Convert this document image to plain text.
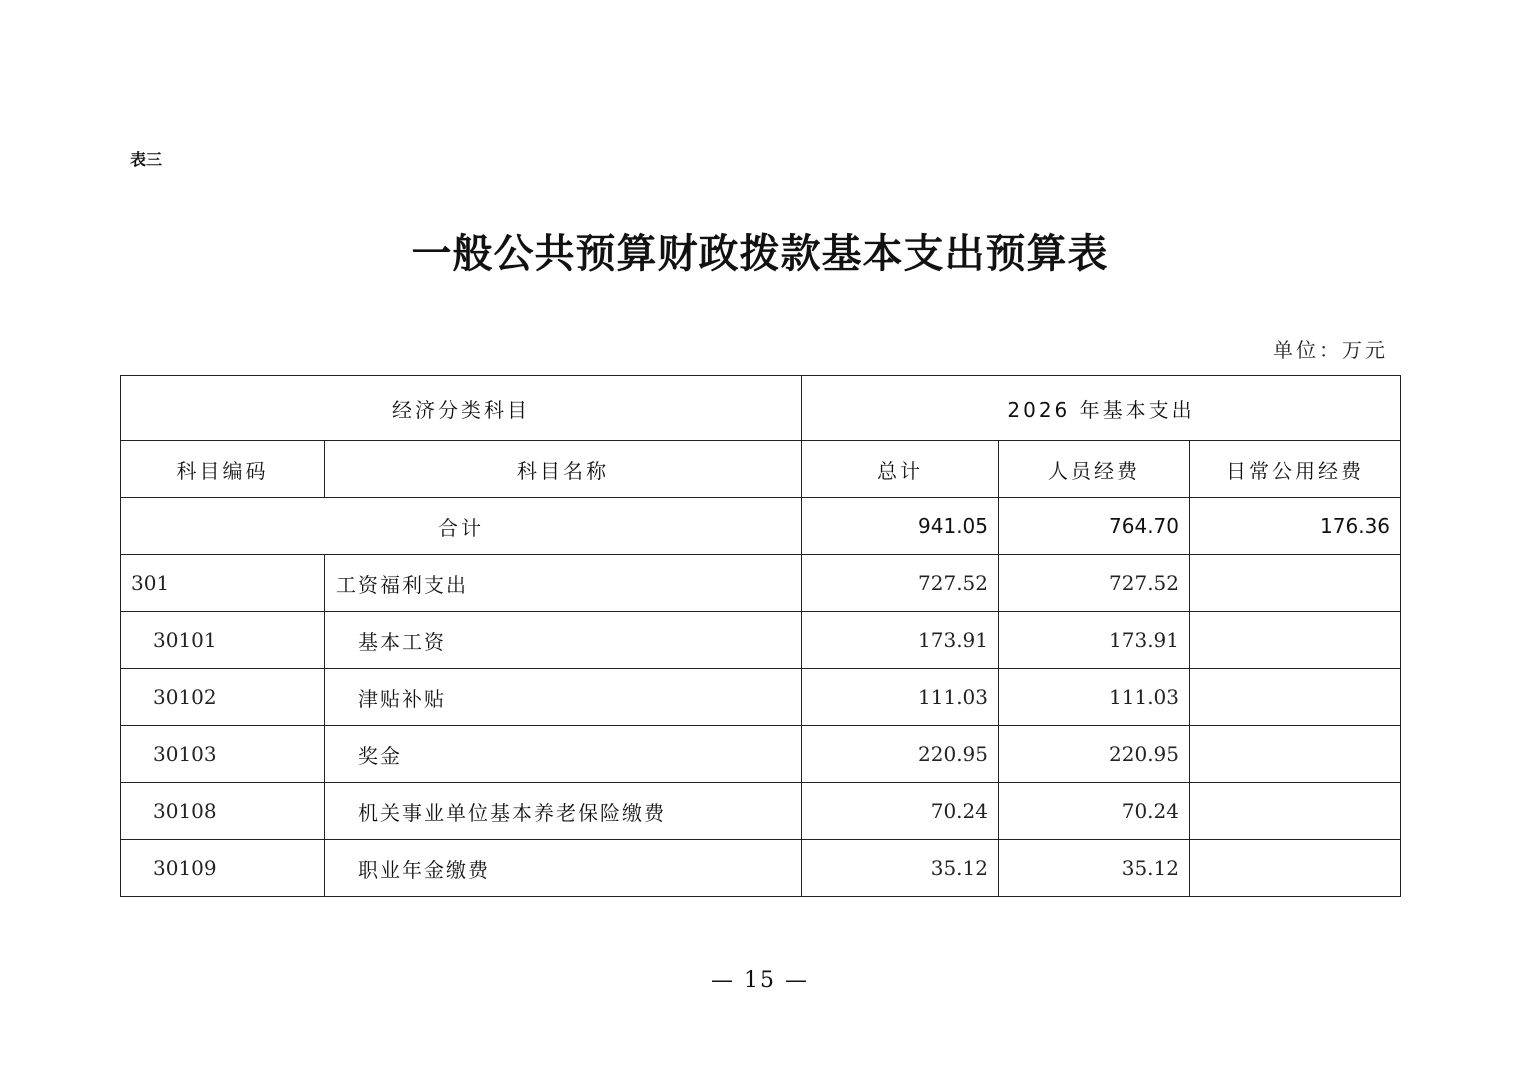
表三
一般公共预算财政拨款基本支出预算表
单位：万元
经济分类科目		2026 年基本支出		
科目编码	科目名称	总计	人员经费	日常公用经费
合计		941.05	764.70	176.36
301	工资福利支出	727.52	727.52	
30101	基本工资	173.91	173.91	
30102	津贴补贴	111.03	111.03	
30103	奖金	220.95	220.95	
30108	机关事业单位基本养老保险缴费	70.24	70.24	
30109	职业年金缴费	35.12	35.12	
— 15 —
